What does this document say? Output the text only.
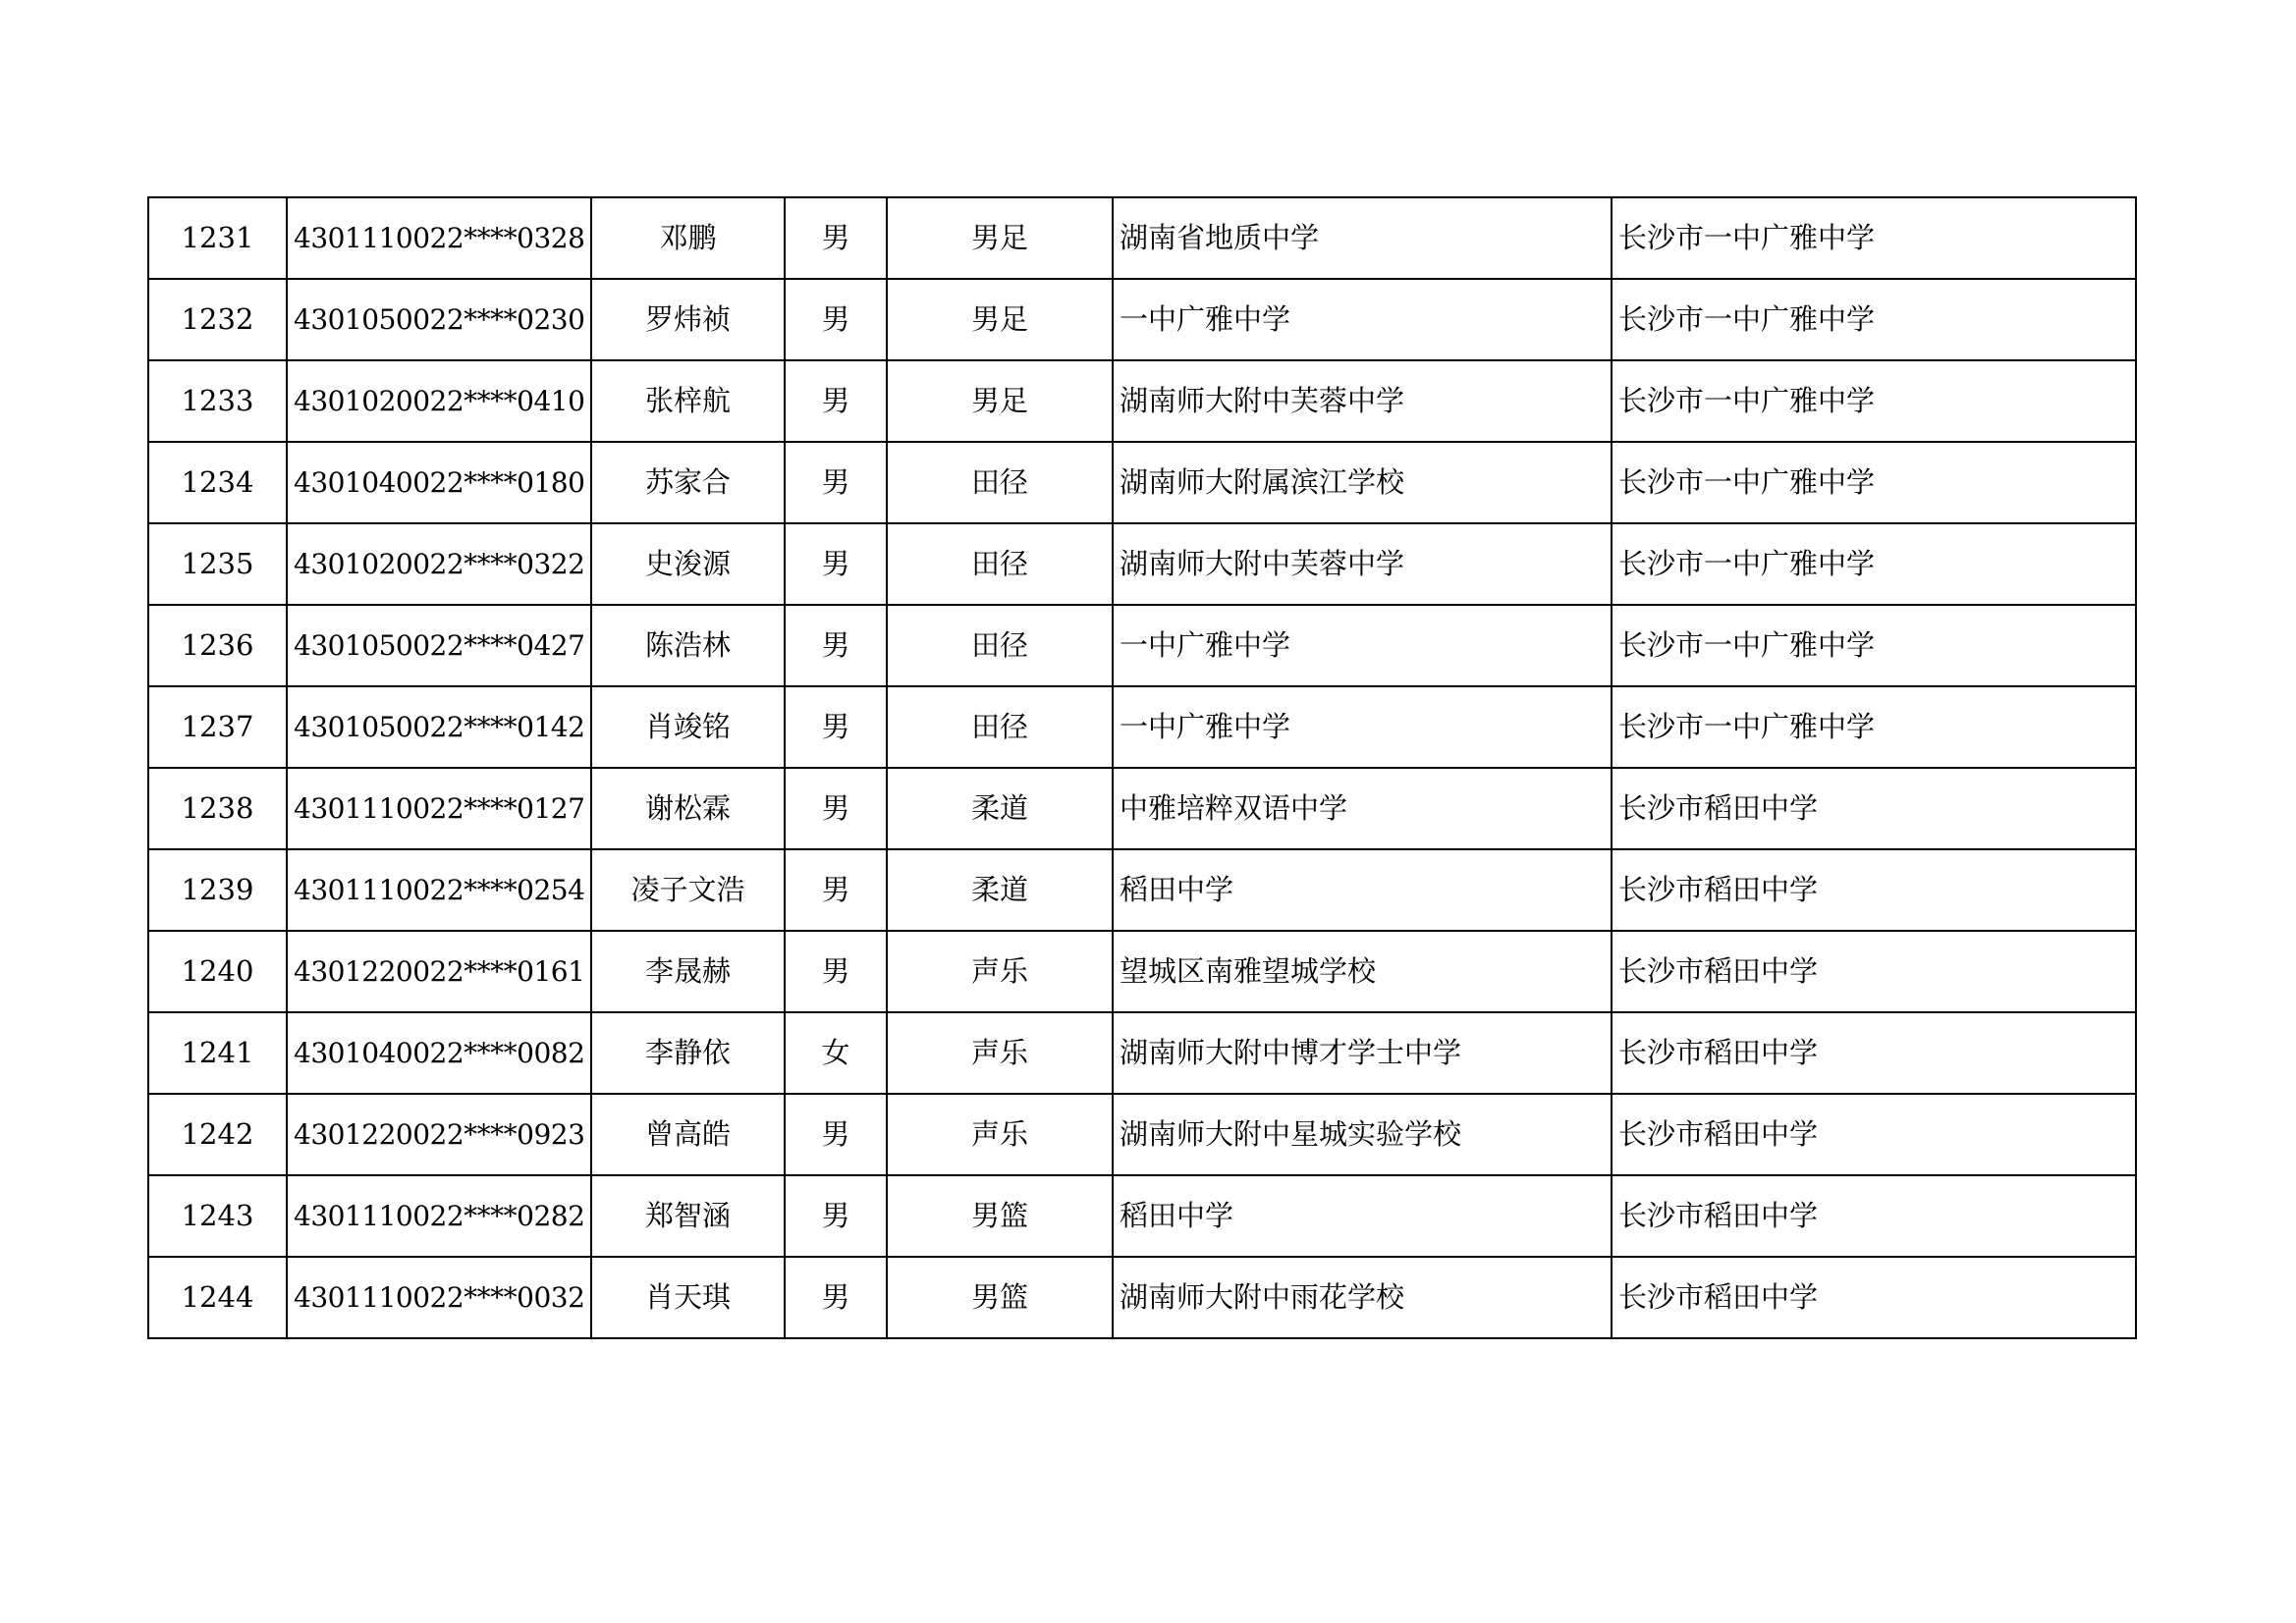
1231	4301110022****0328	邓鹏	男	男足	湖南省地质中学	长沙市一中广雅中学
1232	4301050022****0230	罗炜祯	男	男足	一中广雅中学	长沙市一中广雅中学
1233	4301020022****0410	张梓航	男	男足	湖南师大附中芙蓉中学	长沙市一中广雅中学
1234	4301040022****0180	苏家合	男	田径	湖南师大附属滨江学校	长沙市一中广雅中学
1235	4301020022****0322	史浚源	男	田径	湖南师大附中芙蓉中学	长沙市一中广雅中学
1236	4301050022****0427	陈浩林	男	田径	一中广雅中学	长沙市一中广雅中学
1237	4301050022****0142	肖竣铭	男	田径	一中广雅中学	长沙市一中广雅中学
1238	4301110022****0127	谢松霖	男	柔道	中雅培粹双语中学	长沙市稻田中学
1239	4301110022****0254	凌子文浩	男	柔道	稻田中学	长沙市稻田中学
1240	4301220022****0161	李晟赫	男	声乐	望城区南雅望城学校	长沙市稻田中学
1241	4301040022****0082	李静依	女	声乐	湖南师大附中博才学士中学	长沙市稻田中学
1242	4301220022****0923	曾高皓	男	声乐	湖南师大附中星城实验学校	长沙市稻田中学
1243	4301110022****0282	郑智涵	男	男篮	稻田中学	长沙市稻田中学
1244	4301110022****0032	肖天琪	男	男篮	湖南师大附中雨花学校	长沙市稻田中学
